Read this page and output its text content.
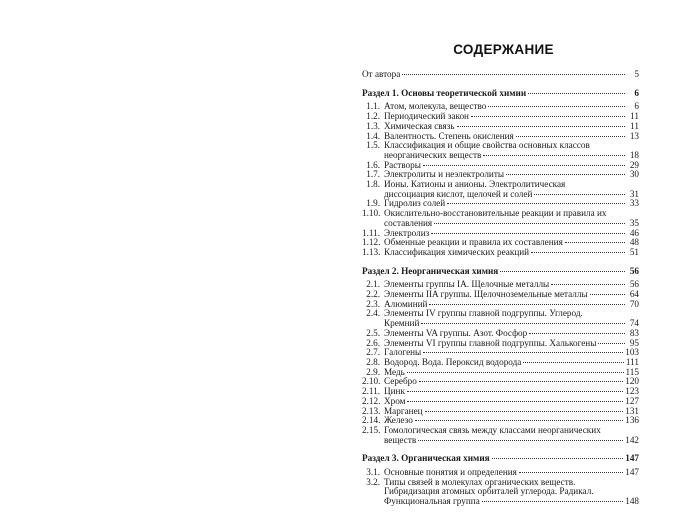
СОДЕРЖАНИЕ
От автора	5
Раздел 1. Основы теоретической химии	6
1.1. Атом, молекула, вещество	6
1.2. Периодический закон	11
1.3. Химическая связь	11
1.4. Валентность. Степень окисления	13
1.5. Классификация и общие свойства основных классов
неорганических веществ	18
1.6. Растворы	29
1.7. Электролиты и неэлектролиты	30
1.8. Ионы. Катионы и анионы. Электролитическая
диссоциация кислот, щелочей и солей	31
1.9. Гидролиз солей	33
1.10. Окислительно-восстановительные реакции и правила их
составления	35
1.11. Электролиз	46
1.12. Обменные реакции и правила их составления	48
1.13. Классификация химических реакций	51
Раздел 2. Неорганическая химия	56
2.1. Элементы группы IA. Щелочные металлы	56
2.2. Элементы IIA группы. Щелочноземельные металлы	64
2.3. Алюминий	70
2.4. Элементы IV группы главной подгруппы. Углерод.
Кремний	74
2.5. Элементы VA группы. Азот. Фосфор	83
2.6. Элементы VI группы главной подгруппы. Халькогены	95
2.7. Галогены	103
2.8. Водород. Вода. Пероксид водорода	111
2.9. Медь	115
2.10. Серебро	120
2.11. Цинк	123
2.12. Хром	127
2.13. Марганец	131
2.14. Железо	136
2.15. Гомологическая связь между классами неорганических
веществ	142
Раздел 3. Органическая химия	147
3.1. Основные понятия и определения	147
3.2. Типы связей в молекулах органических веществ.
Гибридизация атомных орбиталей углерода. Радикал.
Функциональная группа	148
